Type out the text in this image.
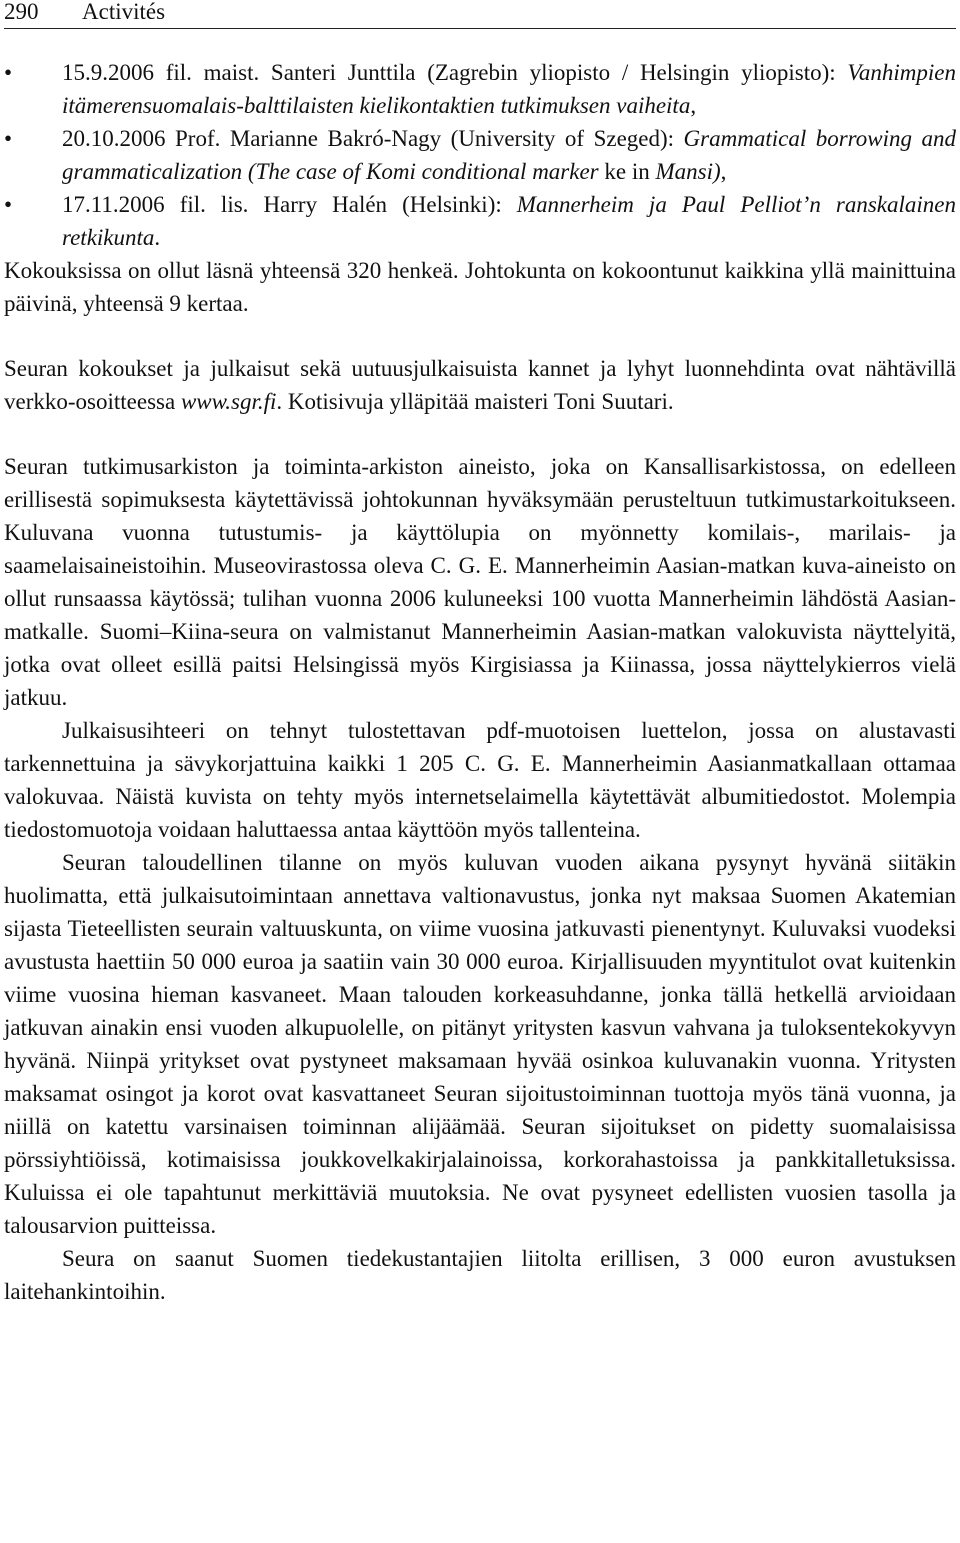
290 Activités
• 15.9.2006 fil. maist. Santeri Junttila (Zagrebin yliopisto / Helsingin yliopisto): Vanhimpien itämerensuomalais-balttilaisten kielikontaktien tutkimuksen vaiheita,
• 20.10.2006 Prof. Marianne Bakró-Nagy (University of Szeged): Grammatical borrowing and grammaticalization (The case of Komi conditional marker ke in Mansi),
• 17.11.2006 fil. lis. Harry Halén (Helsinki): Mannerheim ja Paul Pelliot’n ranskalainen retkikunta.

Kokouksissa on ollut läsnä yhteensä 320 henkeä. Johtokunta on kokoontunut kaikkina yllä mainittuina päivinä, yhteensä 9 kertaa.

Seuran kokoukset ja julkaisut sekä uutuusjulkaisuista kannet ja lyhyt luonnehdinta ovat nähtävillä verkko-osoitteessa www.sgr.fi. Kotisivuja ylläpitää maisteri Toni Suutari.

Seuran tutkimusarkiston ja toiminta-arkiston aineisto, joka on Kansallisarkistossa, on edelleen erillisestä sopimuksesta käytettävissä johtokunnan hyväksymään perusteltuun tutkimustarkoitukseen. Kuluvana vuonna tutustumis- ja käyttölupia on myönnetty komilais-, marilais- ja saamelaisaineistoihin. Museovirastossa oleva C. G. E. Mannerheimin Aasian-matkan kuva-aineisto on ollut runsaassa käytössä; tulihan vuonna 2006 kuluneeksi 100 vuotta Mannerheimin lähdöstä Aasian-matkalle. Suomi–Kiina-seura on valmistanut Mannerheimin Aasian-matkan valokuvista näyttelyitä, jotka ovat olleet esillä paitsi Helsingissä myös Kirgisiassa ja Kiinassa, jossa näyttelykierros vielä jatkuu.

Julkaisusihteeri on tehnyt tulostettavan pdf-muotoisen luettelon, jossa on alustavasti tarkennettuina ja sävykorjattuina kaikki 1 205 C. G. E. Mannerheimin Aasianmatkallaan ottamaa valokuvaa. Näistä kuvista on tehty myös internetselaimella käytettävät albumitiedostot. Molempia tiedostomuotoja voidaan haluttaessa antaa käyttöön myös tallenteina.

Seuran taloudellinen tilanne on myös kuluvan vuoden aikana pysynyt hyvänä siitäkin huolimatta, että julkaisutoimintaan annettava valtionavustus, jonka nyt maksaa Suomen Akatemian sijasta Tieteellisten seurain valtuuskunta, on viime vuosina jatkuvasti pienentynyt. Kuluvaksi vuodeksi avustusta haettiin 50 000 euroa ja saatiin vain 30 000 euroa. Kirjallisuuden myyntitulot ovat kuitenkin viime vuosina hieman kasvaneet. Maan talouden korkeasuhdanne, jonka tällä hetkellä arvioidaan jatkuvan ainakin ensi vuoden alkupuolelle, on pitänyt yritysten kasvun vahvana ja tuloksentekokyvyn hyvänä. Niinpä yritykset ovat pystyneet maksamaan hyvää osinkoa kuluvanakin vuonna. Yritysten maksamat osingot ja korot ovat kasvattaneet Seuran sijoitustoiminnan tuottoja myös tänä vuonna, ja niillä on katettu varsinaisen toiminnan alijäämää. Seuran sijoitukset on pidetty suomalaisissa pörssiyhtiöissä, kotimaisissa joukkovelkakirjalainoissa, korkorahastoissa ja pankkitalletuksissa. Kuluissa ei ole tapahtunut merkittäviä muutoksia. Ne ovat pysyneet edellisten vuosien tasolla ja talousarvion puitteissa.

Seura on saanut Suomen tiedekustantajien liitolta erillisen, 3 000 euron avustuksen laitehankintoihin.
